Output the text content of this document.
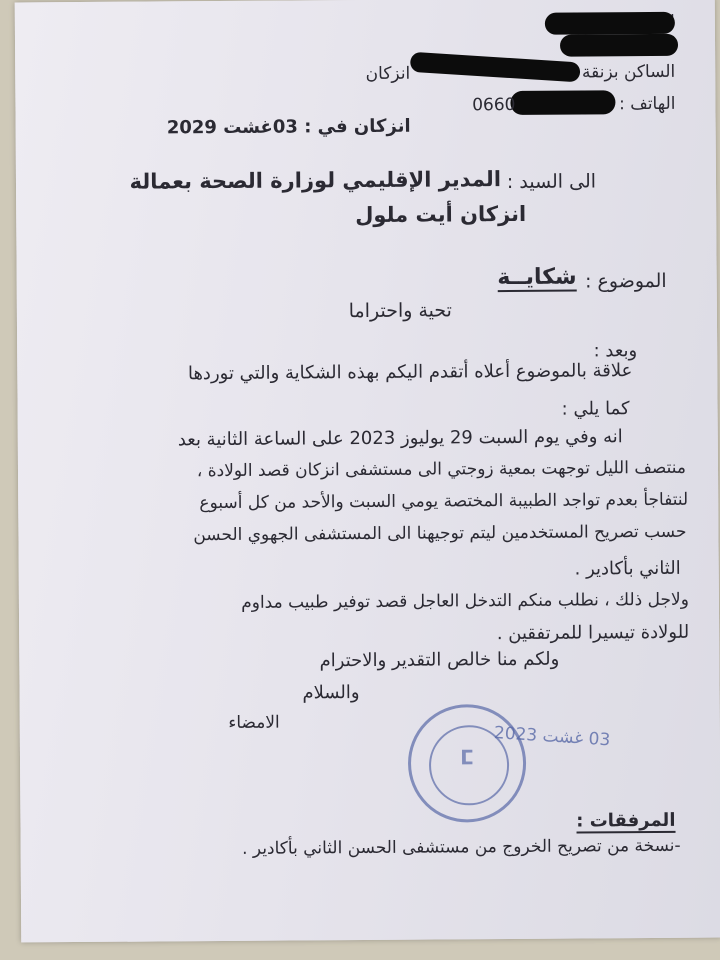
الساكن بزنقة
انزكان
الهاتف :
0660
انزكان في : 03غشت 2029
الى السيد :
المدير الإقليمي لوزارة الصحة بعمالة
انزكان أيت ملول
الموضوع :
شكايــة
تحية واحتراما
وبعد :
علاقة بالموضوع أعلاه أتقدم اليكم بهذه الشكاية والتي توردها
كما يلي :
انه وفي يوم السبت 29 يوليوز 2023 على الساعة الثانية بعد
منتصف الليل توجهت بمعية زوجتي الى مستشفى انزكان قصد الولادة ،
لنتفاجأ بعدم تواجد الطبيبة المختصة يومي السبت والأحد من كل أسبوع
حسب تصريح المستخدمين ليتم توجيهنا الى المستشفى الجهوي الحسن
الثاني بأكادير .
ولاجل ذلك ، نطلب منكم التدخل العاجل قصد توفير طبيب مداوم
للولادة تيسيرا للمرتفقين .
ولكم منا خالص التقدير والاحترام
والسلام
الامضاء
ⵎ
03 غشت 2023
المرفقات :
-نسخة من تصريح الخروج من مستشفى الحسن الثاني بأكادير .
